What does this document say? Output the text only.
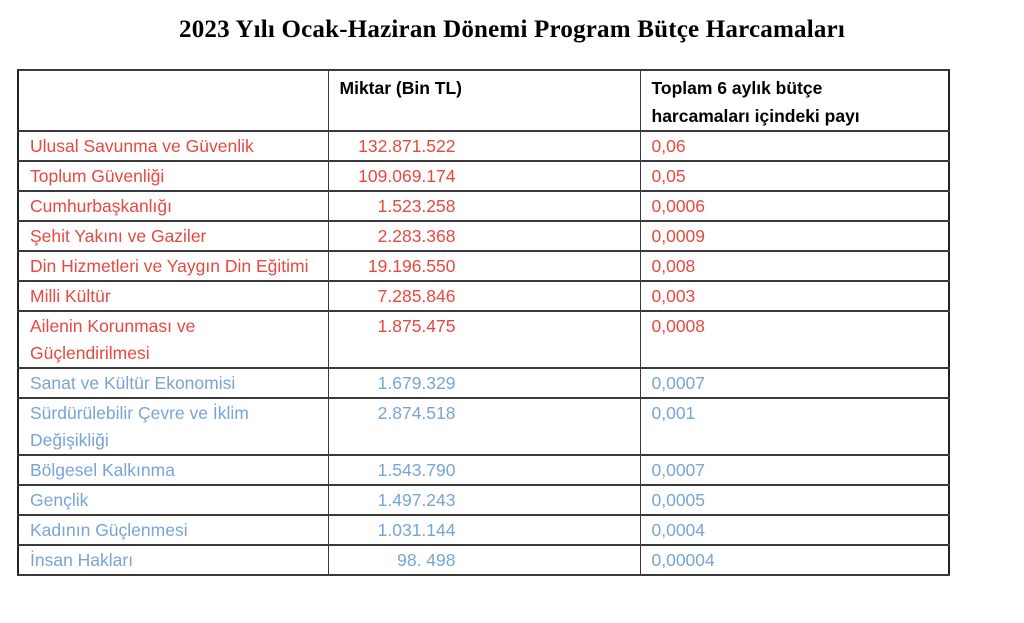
2023 Yılı Ocak-Haziran Dönemi Program Bütçe Harcamaları
	Miktar (Bin TL)	Toplam 6 aylık bütçe harcamaları içindeki payı

Ulusal Savunma ve Güvenlik	132.871.522	0,06
Toplum Güvenliği	109.069.174	0,05
Cumhurbaşkanlığı	1.523.258	0,0006
Şehit Yakını ve Gaziler	2.283.368	0,0009
Din Hizmetleri ve Yaygın Din Eğitimi	19.196.550	0,008
Milli Kültür	7.285.846	0,003
Ailenin Korunması ve Güçlendirilmesi	1.875.475	0,0008
Sanat ve Kültür Ekonomisi	1.679.329	0,0007
Sürdürülebilir Çevre ve İklim Değişikliği	2.874.518	0,001
Bölgesel Kalkınma	1.543.790	0,0007
Gençlik	1.497.243	0,0005
Kadının Güçlenmesi	1.031.144	0,0004
İnsan Hakları	98. 498	0,00004
